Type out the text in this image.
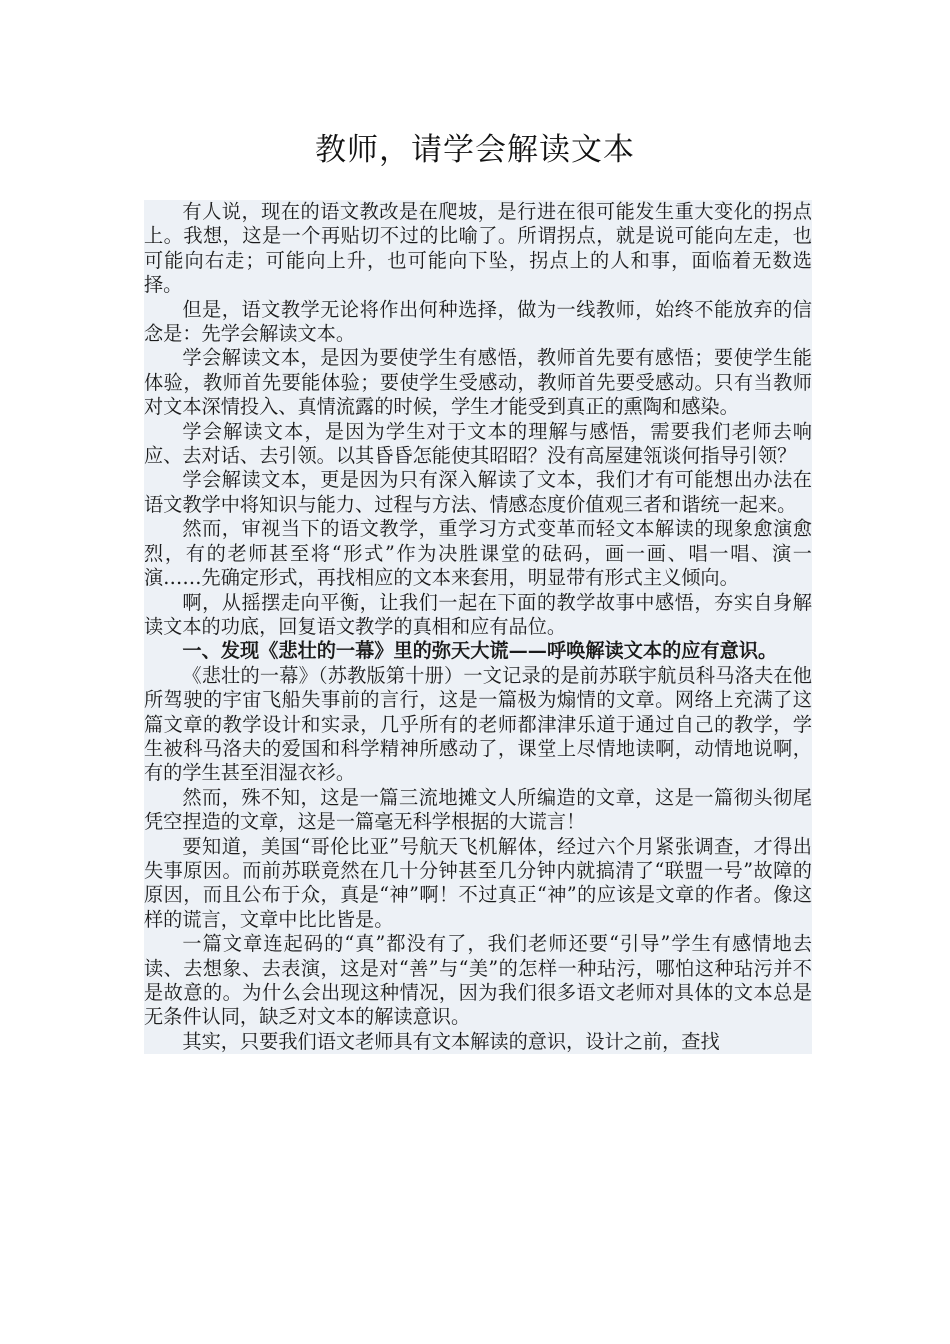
教师，请学会解读文本

有人说，现在的语文教改是在爬坡，是行进在很可能发生重大变化的拐点上。我想，这是一个再贴切不过的比喻了。所谓拐点，就是说可能向左走，也可能向右走；可能向上升，也可能向下坠，拐点上的人和事，面临着无数选择。

但是，语文教学无论将作出何种选择，做为一线教师，始终不能放弃的信念是：先学会解读文本。

学会解读文本，是因为要使学生有感悟，教师首先要有感悟；要使学生能体验，教师首先要能体验；要使学生受感动，教师首先要受感动。只有当教师对文本深情投入、真情流露的时候，学生才能受到真正的熏陶和感染。

学会解读文本，是因为学生对于文本的理解与感悟，需要我们老师去响应、去对话、去引领。以其昏昏怎能使其昭昭？没有高屋建瓴谈何指导引领？

学会解读文本，更是因为只有深入解读了文本，我们才有可能想出办法在语文教学中将知识与能力、过程与方法、情感态度价值观三者和谐统一起来。

然而，审视当下的语文教学，重学习方式变革而轻文本解读的现象愈演愈烈，有的老师甚至将“形式”作为决胜课堂的砝码，画一画、唱一唱、演一演……先确定形式，再找相应的文本来套用，明显带有形式主义倾向。

啊，从摇摆走向平衡，让我们一起在下面的教学故事中感悟，夯实自身解读文本的功底，回复语文教学的真相和应有品位。

一、发现《悲壮的一幕》里的弥天大谎——呼唤解读文本的应有意识。

《悲壮的一幕》（苏教版第十册）一文记录的是前苏联宇航员科马洛夫在他所驾驶的宇宙飞船失事前的言行，这是一篇极为煽情的文章。网络上充满了这篇文章的教学设计和实录，几乎所有的老师都津津乐道于通过自己的教学，学生被科马洛夫的爱国和科学精神所感动了，课堂上尽情地读啊，动情地说啊，有的学生甚至泪湿衣衫。

然而，殊不知，这是一篇三流地摊文人所编造的文章，这是一篇彻头彻尾凭空捏造的文章，这是一篇毫无科学根据的大谎言！

要知道，美国“哥伦比亚”号航天飞机解体，经过六个月紧张调查，才得出失事原因。而前苏联竟然在几十分钟甚至几分钟内就搞清了“联盟一号”故障的原因，而且公布于众，真是“神”啊！不过真正“神”的应该是文章的作者。像这样的谎言，文章中比比皆是。

一篇文章连起码的“真”都没有了，我们老师还要“引导”学生有感情地去读、去想象、去表演，这是对“善”与“美”的怎样一种玷污，哪怕这种玷污并不是故意的。为什么会出现这种情况，因为我们很多语文老师对具体的文本总是无条件认同，缺乏对文本的解读意识。

其实，只要我们语文老师具有文本解读的意识，设计之前，查找
